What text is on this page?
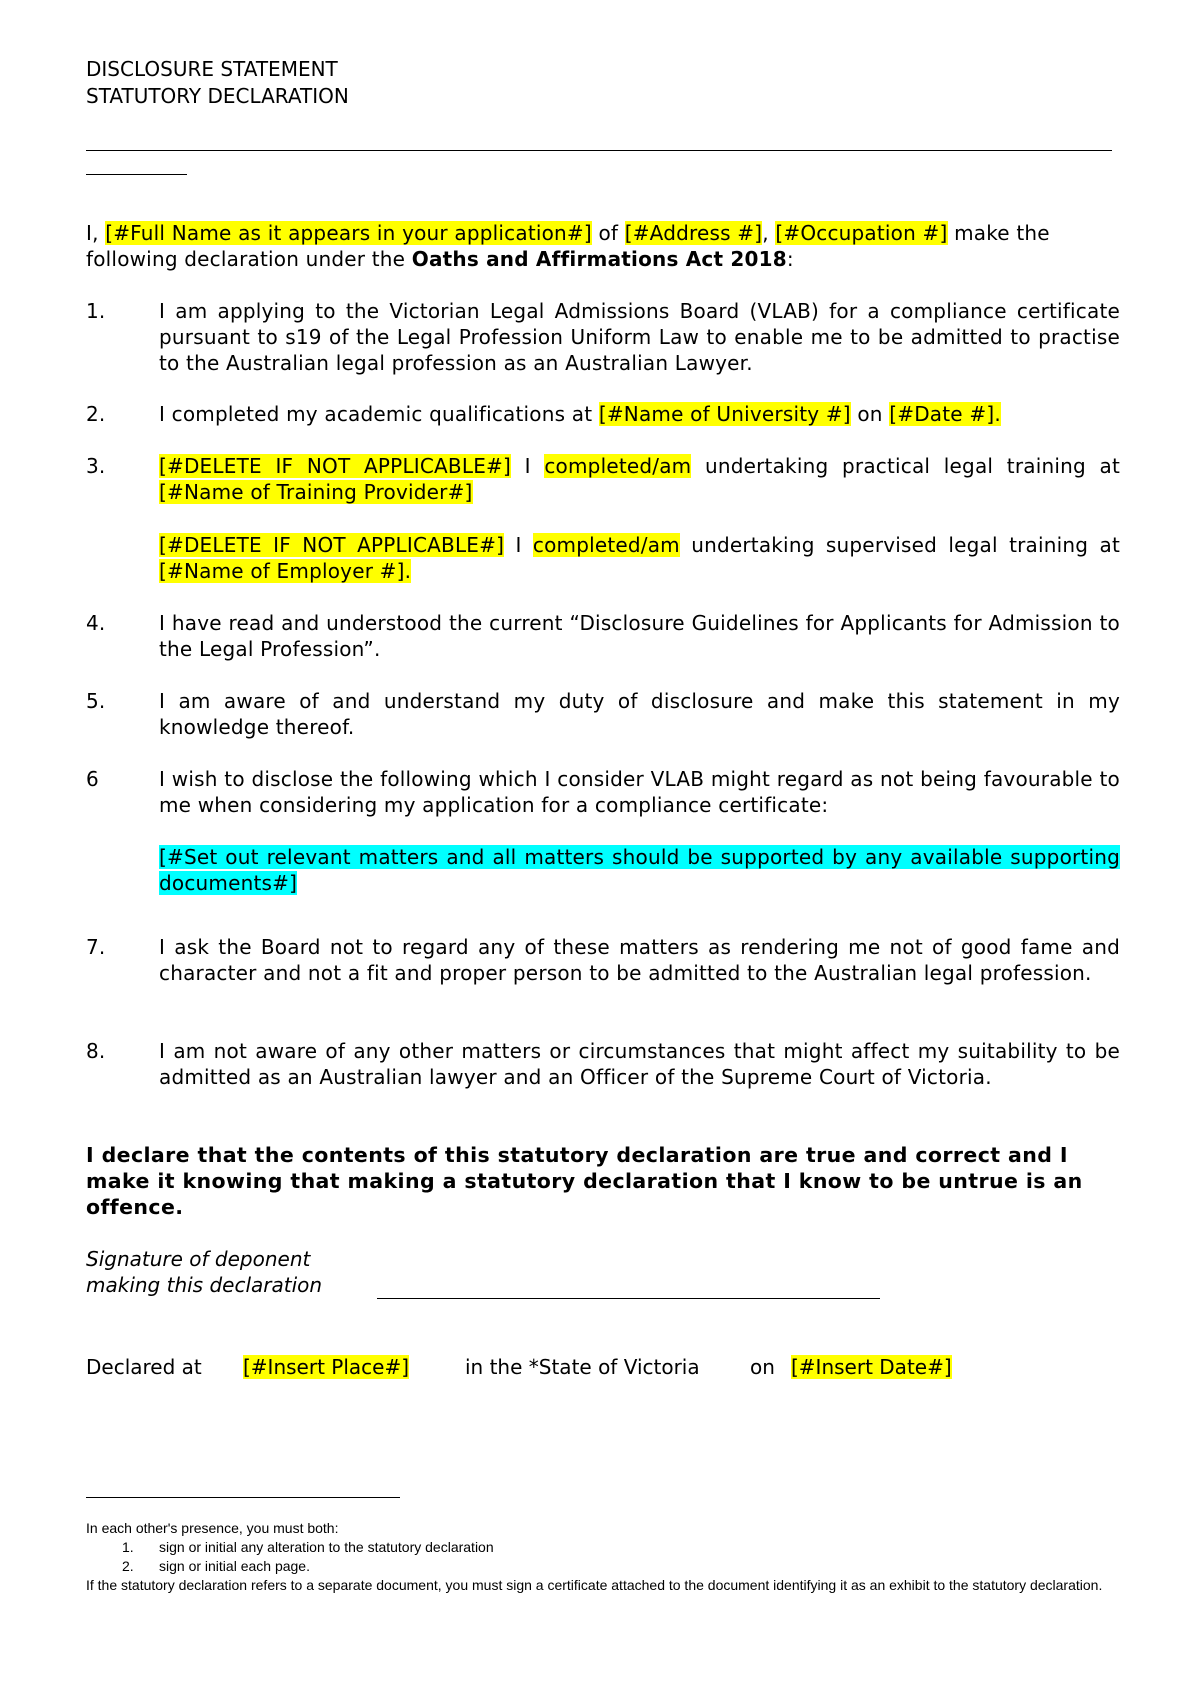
DISCLOSURE STATEMENT
STATUTORY DECLARATION
I, [#Full Name as it appears in your application#] of [#Address #], [#Occupation #] make the following declaration under the Oaths and Affirmations Act 2018:
1.	I am applying to the Victorian Legal Admissions Board (VLAB) for a compliance certificate pursuant to s19 of the Legal Profession Uniform Law to enable me to be admitted to practise to the Australian legal profession as an Australian Lawyer.
2.	I completed my academic qualifications at [#Name of University #] on [#Date #].
3.	[#DELETE IF NOT APPLICABLE#] I completed/am undertaking practical legal training at [#Name of Training Provider#]
[#DELETE IF NOT APPLICABLE#] I completed/am undertaking supervised legal training at [#Name of Employer #].
4.	I have read and understood the current “Disclosure Guidelines for Applicants for Admission to the Legal Profession”.
5.	I am aware of and understand my duty of disclosure and make this statement in my knowledge thereof.
6	I wish to disclose the following which I consider VLAB might regard as not being favourable to me when considering my application for a compliance certificate:
[#Set out relevant matters and all matters should be supported by any available supporting documents#]
7.	I ask the Board not to regard any of these matters as rendering me not of good fame and character and not a fit and proper person to be admitted to the Australian legal profession.
8.	I am not aware of any other matters or circumstances that might affect my suitability to be admitted as an Australian lawyer and an Officer of the Supreme Court of Victoria.
I declare that the contents of this statutory declaration are true and correct and I make it knowing that making a statutory declaration that I know to be untrue is an offence.
Signature of deponent
making this declaration
Declared at [#Insert Place#]	in the *State of Victoria	on [#Insert Date#]
In each other's presence, you must both:
1. sign or initial any alteration to the statutory declaration
2. sign or initial each page.
If the statutory declaration refers to a separate document, you must sign a certificate attached to the document identifying it as an exhibit to the statutory declaration.
